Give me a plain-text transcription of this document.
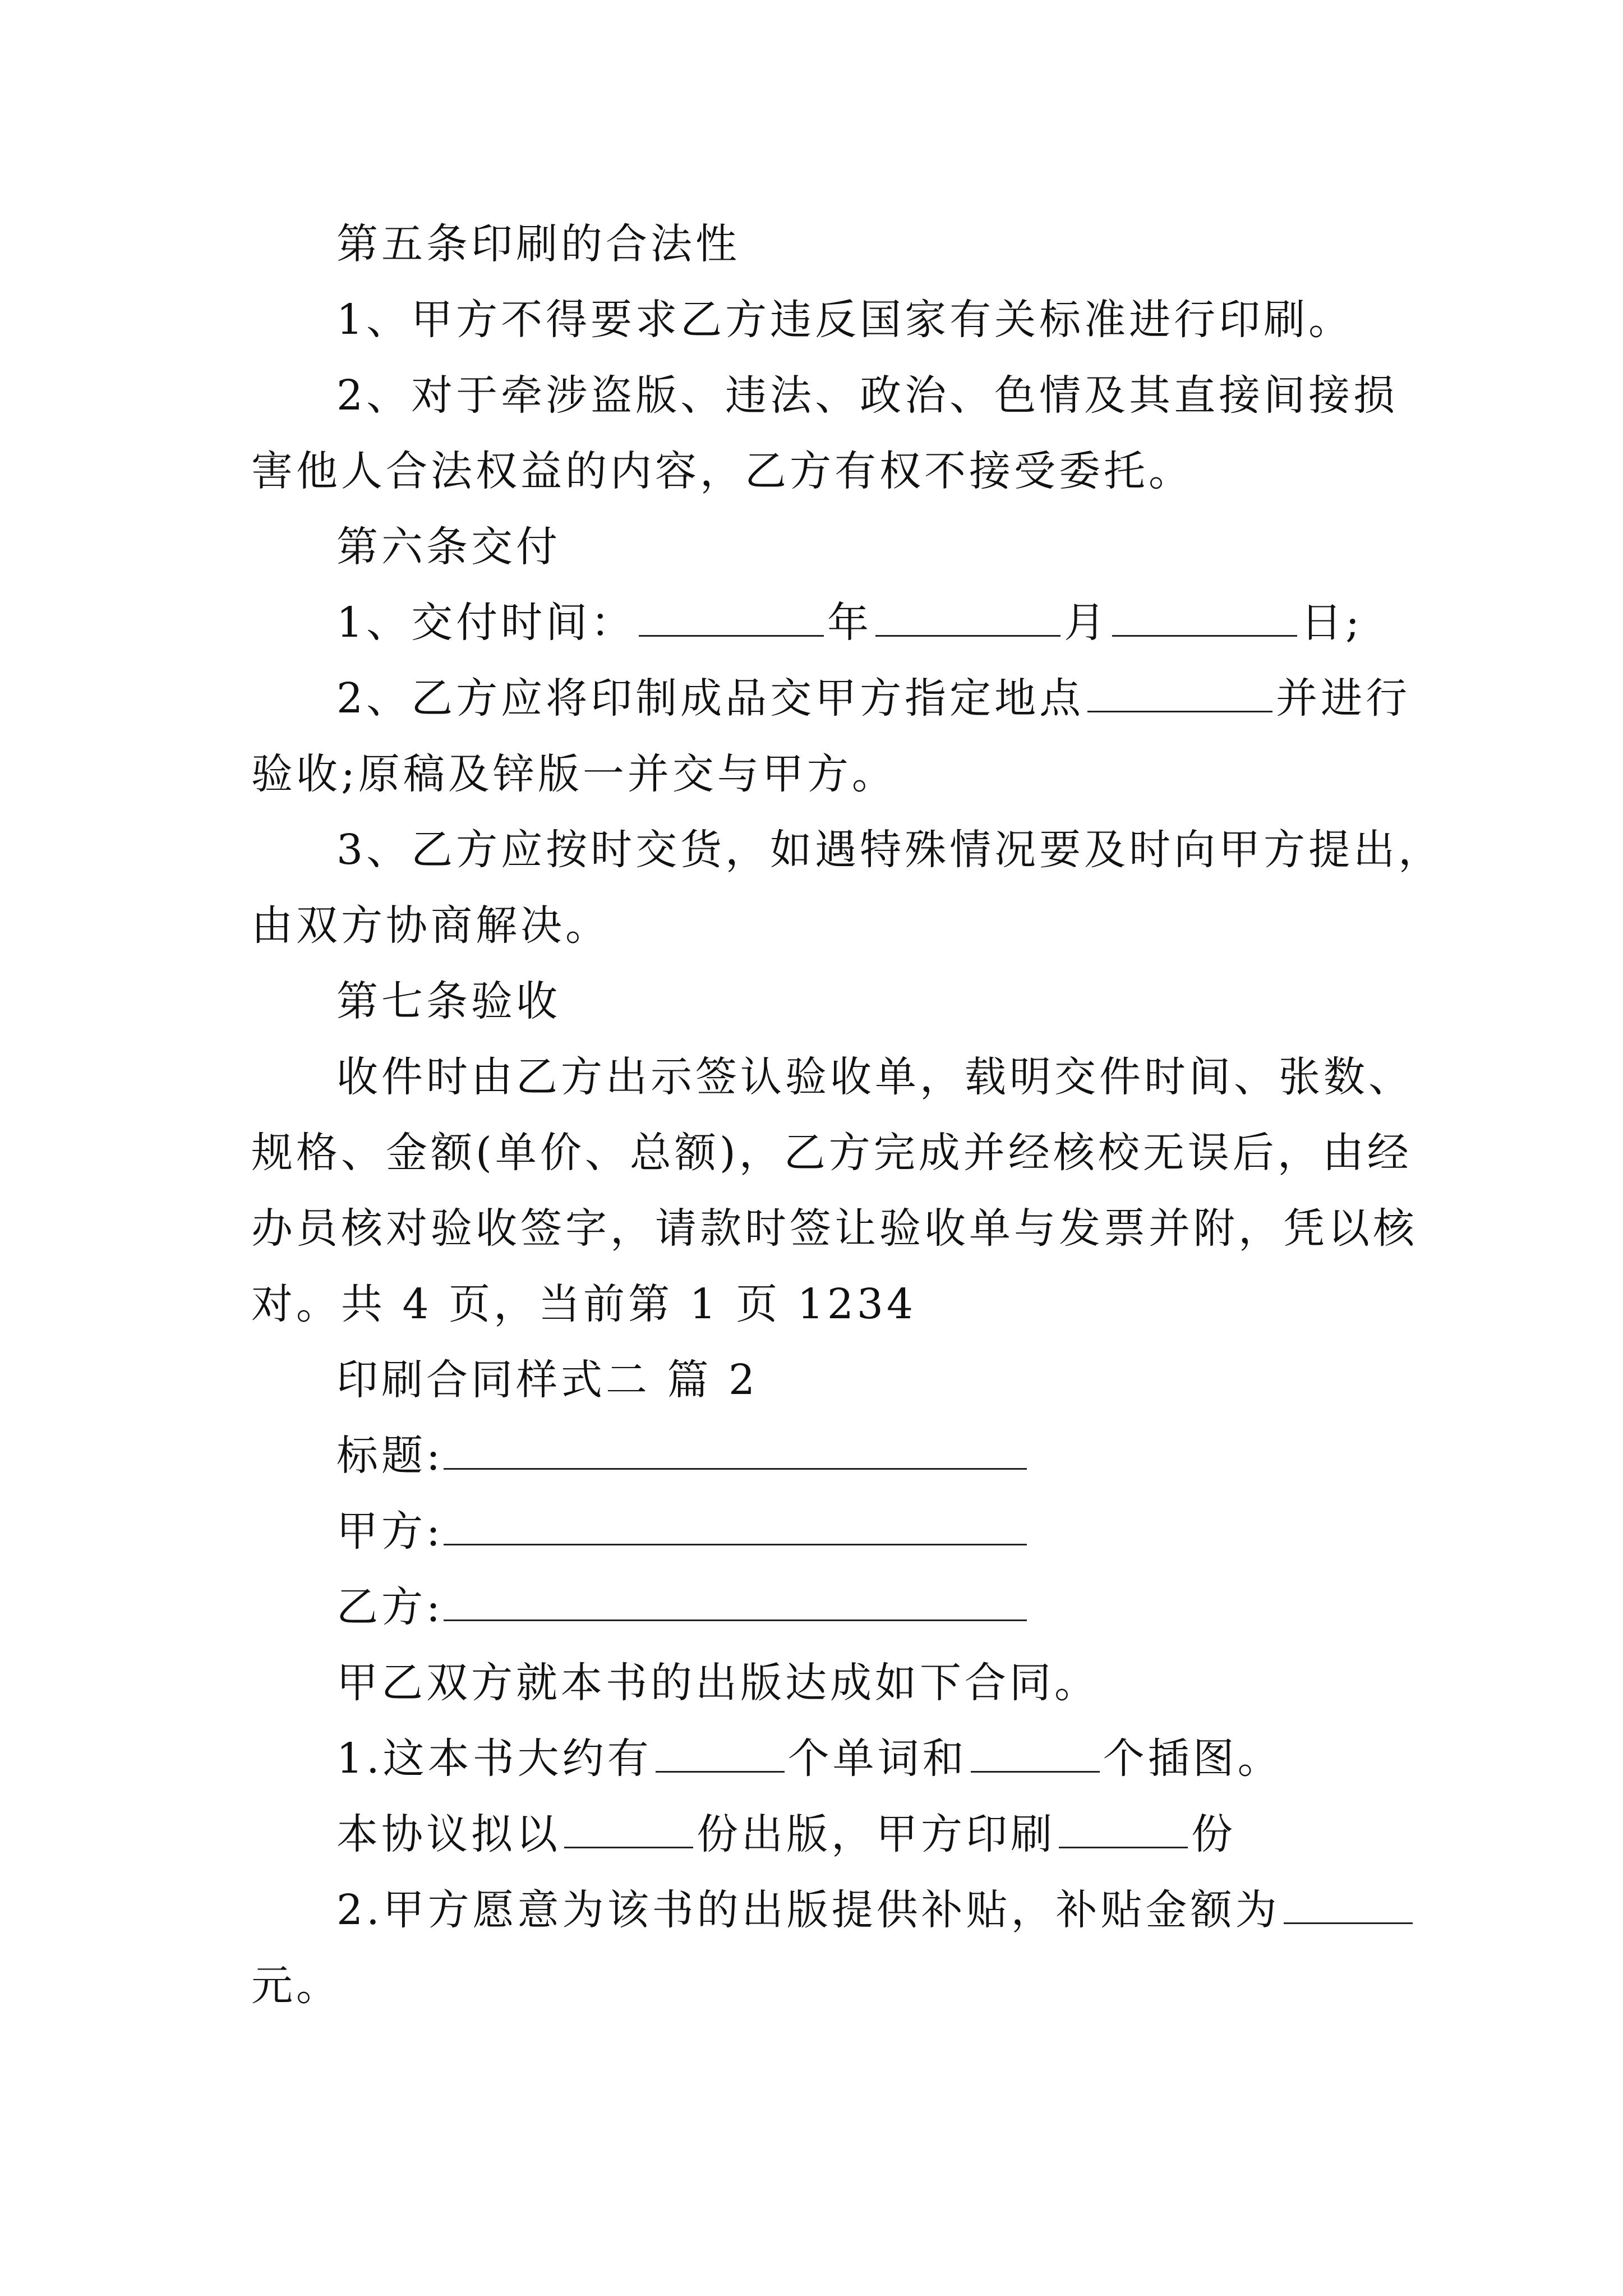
第五条印刷的合法性
1、甲方不得要求乙方违反国家有关标准进行印刷。
2、对于牵涉盗版、违法、政治、色情及其直接间接损
害他人合法权益的内容，乙方有权不接受委托。
第六条交付
1、交付时间：	年	月	日;
2、乙方应将印制成品交甲方指定地点	并进行
验收;原稿及锌版一并交与甲方。
3、乙方应按时交货，如遇特殊情况要及时向甲方提出，
由双方协商解决。
第七条验收
收件时由乙方出示签认验收单，载明交件时间、张数、
规格、金额(单价、总额)，乙方完成并经核校无误后，由经
办员核对验收签字，请款时签让验收单与发票并附，凭以核
对。共 4 页，当前第 1 页 1234
印刷合同样式二 篇 2
标题:
甲方:
乙方:
甲乙双方就本书的出版达成如下合同。
1.这本书大约有	个单词和	个插图。
本协议拟以	份出版，甲方印刷	份
2.甲方愿意为该书的出版提供补贴，补贴金额为
元。
